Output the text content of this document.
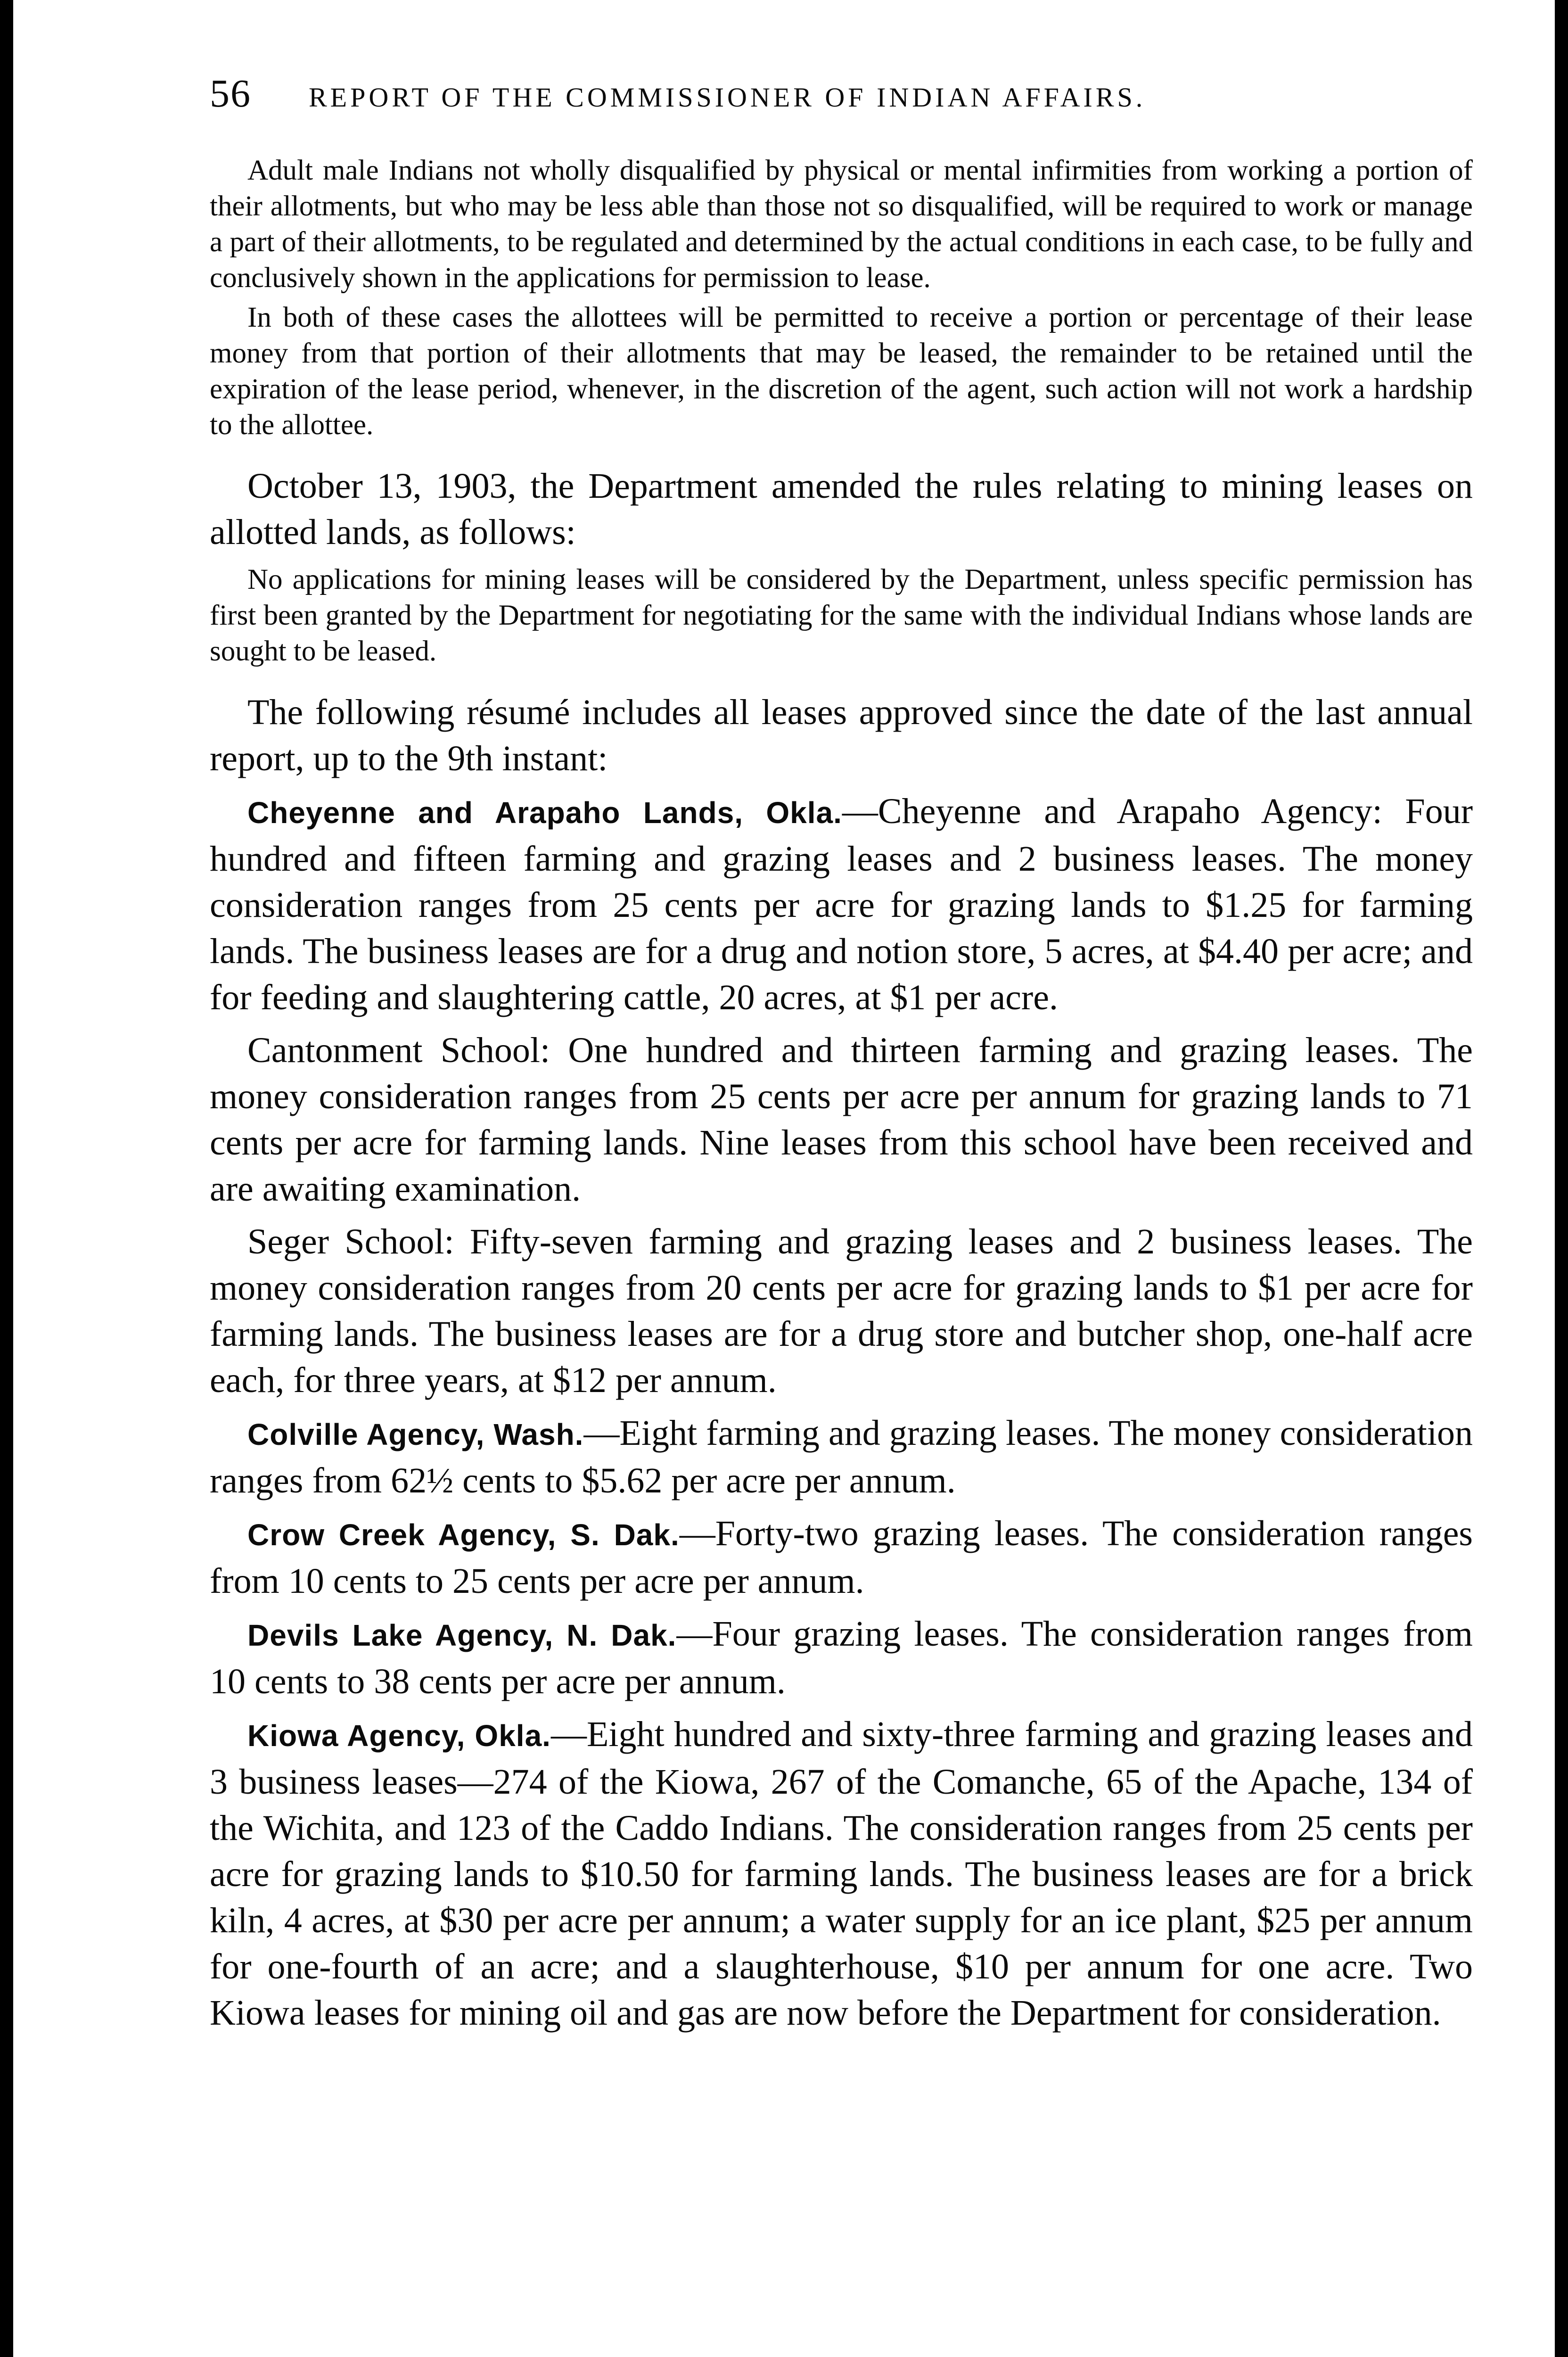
56	REPORT OF THE COMMISSIONER OF INDIAN AFFAIRS.

Adult male Indians not wholly disqualified by physical or mental infirmities from working a portion of their allotments, but who may be less able than those not so disqualified, will be required to work or manage a part of their allotments, to be regulated and determined by the actual conditions in each case, to be fully and conclusively shown in the applications for permission to lease.

In both of these cases the allottees will be permitted to receive a portion or percentage of their lease money from that portion of their allotments that may be leased, the remainder to be retained until the expiration of the lease period, whenever, in the discretion of the agent, such action will not work a hardship to the allottee.

October 13, 1903, the Department amended the rules relating to mining leases on allotted lands, as follows:

No applications for mining leases will be considered by the Department, unless specific permission has first been granted by the Department for negotiating for the same with the individual Indians whose lands are sought to be leased.

The following résumé includes all leases approved since the date of the last annual report, up to the 9th instant:

Cheyenne and Arapaho Lands, Okla.—Cheyenne and Arapaho Agency: Four hundred and fifteen farming and grazing leases and 2 business leases. The money consideration ranges from 25 cents per acre for grazing lands to $1.25 for farming lands. The business leases are for a drug and notion store, 5 acres, at $4.40 per acre; and for feeding and slaughtering cattle, 20 acres, at $1 per acre.

Cantonment School: One hundred and thirteen farming and grazing leases. The money consideration ranges from 25 cents per acre per annum for grazing lands to 71 cents per acre for farming lands. Nine leases from this school have been received and are awaiting examination.

Seger School: Fifty-seven farming and grazing leases and 2 business leases. The money consideration ranges from 20 cents per acre for grazing lands to $1 per acre for farming lands. The business leases are for a drug store and butcher shop, one-half acre each, for three years, at $12 per annum.

Colville Agency, Wash.—Eight farming and grazing leases. The money consideration ranges from 62½ cents to $5.62 per acre per annum.

Crow Creek Agency, S. Dak.—Forty-two grazing leases. The consideration ranges from 10 cents to 25 cents per acre per annum.

Devils Lake Agency, N. Dak.—Four grazing leases. The consideration ranges from 10 cents to 38 cents per acre per annum.

Kiowa Agency, Okla.—Eight hundred and sixty-three farming and grazing leases and 3 business leases—274 of the Kiowa, 267 of the Comanche, 65 of the Apache, 134 of the Wichita, and 123 of the Caddo Indians. The consideration ranges from 25 cents per acre for grazing lands to $10.50 for farming lands. The business leases are for a brick kiln, 4 acres, at $30 per acre per annum; a water supply for an ice plant, $25 per annum for one-fourth of an acre; and a slaughterhouse, $10 per annum for one acre. Two Kiowa leases for mining oil and gas are now before the Department for consideration.
